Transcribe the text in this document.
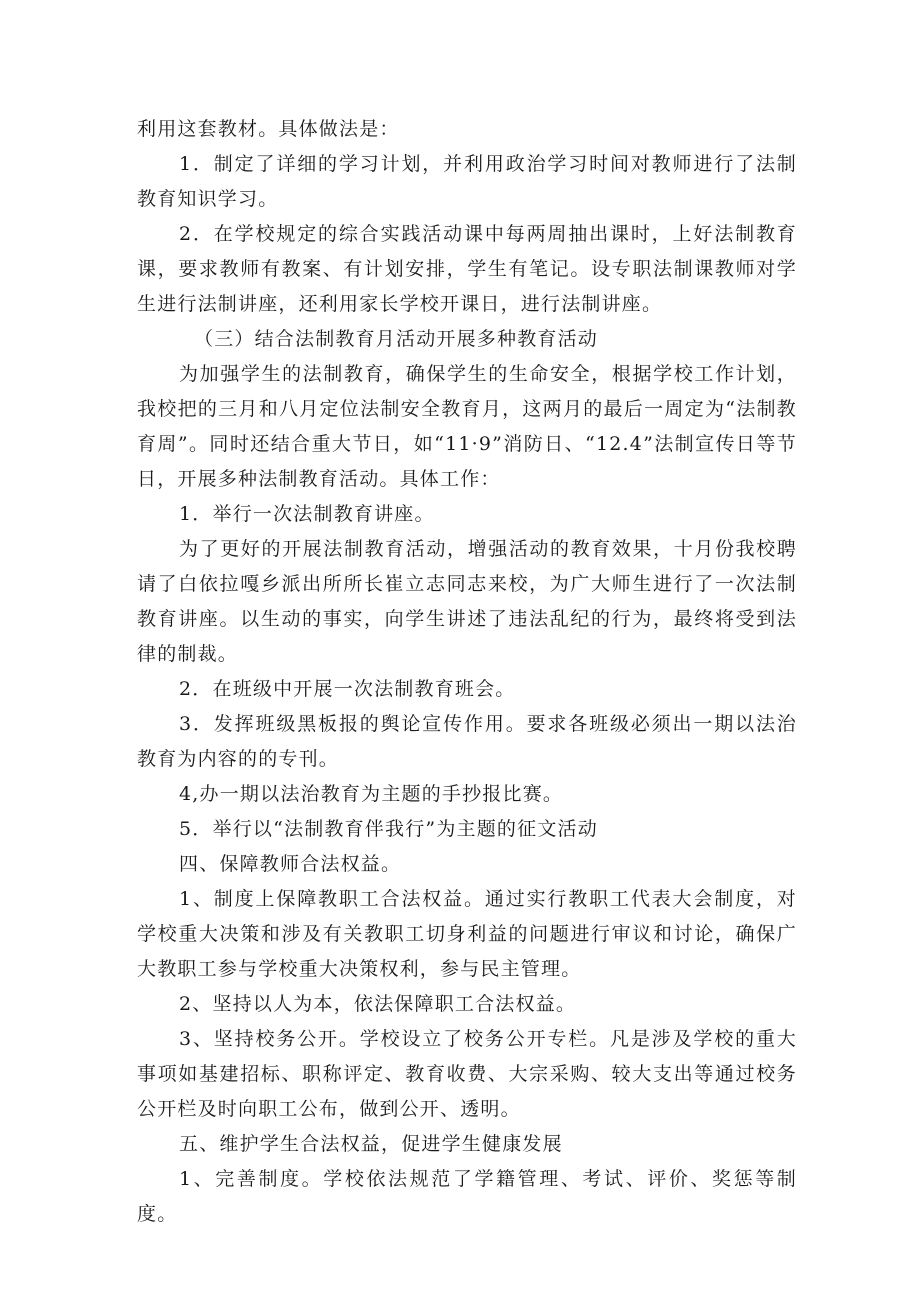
利用这套教材。具体做法是：

1．制定了详细的学习计划，并利用政治学习时间对教师进行了法制教育知识学习。

2．在学校规定的综合实践活动课中每两周抽出课时，上好法制教育课，要求教师有教案、有计划安排，学生有笔记。设专职法制课教师对学生进行法制讲座，还利用家长学校开课日，进行法制讲座。

（三）结合法制教育月活动开展多种教育活动

为加强学生的法制教育，确保学生的生命安全，根据学校工作计划，我校把的三月和八月定位法制安全教育月，这两月的最后一周定为“法制教育周”。同时还结合重大节日，如“11·9”消防日、“12.4”法制宣传日等节日，开展多种法制教育活动。具体工作：

1．举行一次法制教育讲座。

为了更好的开展法制教育活动，增强活动的教育效果，十月份我校聘请了白依拉嘎乡派出所所长崔立志同志来校，为广大师生进行了一次法制教育讲座。以生动的事实，向学生讲述了违法乱纪的行为，最终将受到法律的制裁。

2．在班级中开展一次法制教育班会。

3．发挥班级黑板报的舆论宣传作用。要求各班级必须出一期以法治教育为内容的的专刊。

4,办一期以法治教育为主题的手抄报比赛。

5．举行以“法制教育伴我行”为主题的征文活动

四、保障教师合法权益。

1、制度上保障教职工合法权益。通过实行教职工代表大会制度，对学校重大决策和涉及有关教职工切身利益的问题进行审议和讨论，确保广大教职工参与学校重大决策权利，参与民主管理。

2、坚持以人为本，依法保障职工合法权益。

3、坚持校务公开。学校设立了校务公开专栏。凡是涉及学校的重大事项如基建招标、职称评定、教育收费、大宗采购、较大支出等通过校务公开栏及时向职工公布，做到公开、透明。

五、维护学生合法权益，促进学生健康发展

1、完善制度。学校依法规范了学籍管理、考试、评价、奖惩等制度。
